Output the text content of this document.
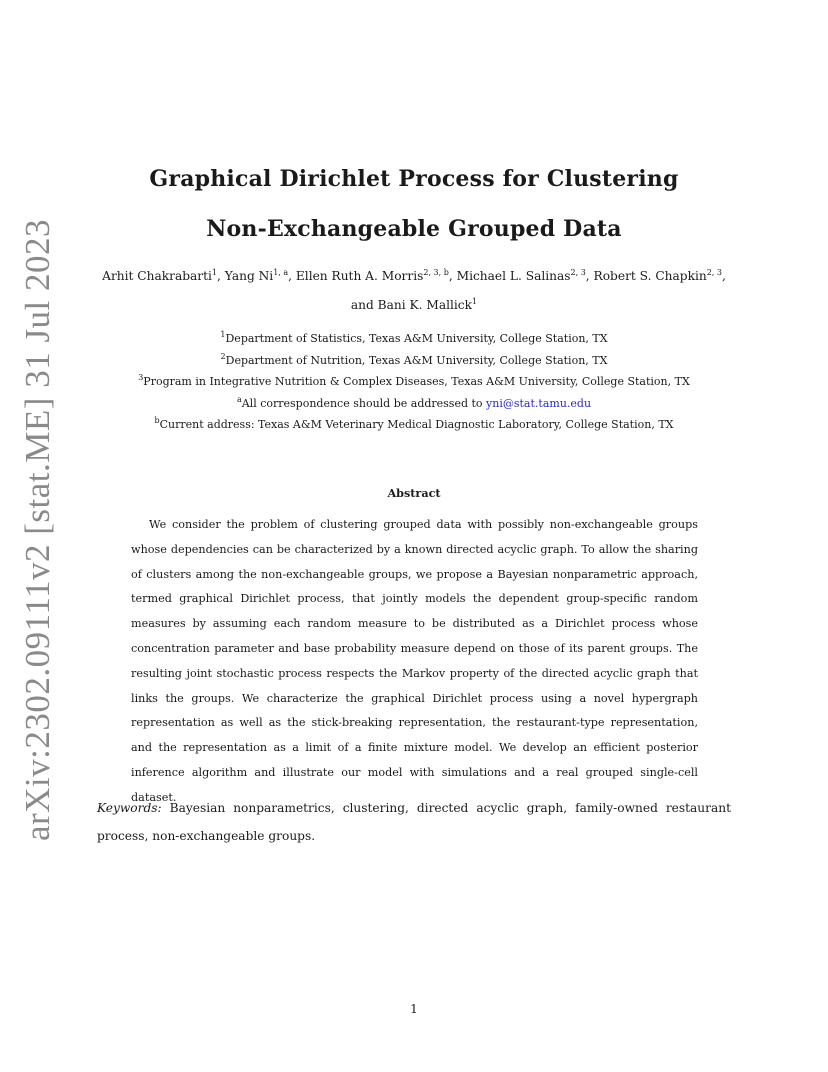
arXiv:2302.09111v2 [stat.ME] 31 Jul 2023
Graphical Dirichlet Process for Clustering
Non-Exchangeable Grouped Data
Arhit Chakrabarti$^1$, Yang Ni$^{1, a}$, Ellen Ruth A. Morris$^{2, 3, b}$, Michael L. Salinas$^{2, 3}$, Robert S. Chapkin$^{2, 3}$, and Bani K. Mallick$^1$
$^1$Department of Statistics, Texas A&M University, College Station, TX
$^2$Department of Nutrition, Texas A&M University, College Station, TX
$^3$Program in Integrative Nutrition & Complex Diseases, Texas A&M University, College Station, TX
$^a$All correspondence should be addressed to yni@stat.tamu.edu
$^b$Current address: Texas A&M Veterinary Medical Diagnostic Laboratory, College Station, TX
Abstract
We consider the problem of clustering grouped data with possibly non-exchangeable groups whose dependencies can be characterized by a known directed acyclic graph. To allow the sharing of clusters among the non-exchangeable groups, we propose a Bayesian nonparametric approach, termed graphical Dirichlet process, that jointly models the dependent group-specific random measures by assuming each random measure to be distributed as a Dirichlet process whose concentration parameter and base probability measure depend on those of its parent groups. The resulting joint stochastic process respects the Markov property of the directed acyclic graph that links the groups. We characterize the graphical Dirichlet process using a novel hypergraph representation as well as the stick-breaking representation, the restaurant-type representation, and the representation as a limit of a finite mixture model. We develop an efficient posterior inference algorithm and illustrate our model with simulations and a real grouped single-cell dataset.
Keywords: Bayesian nonparametrics, clustering, directed acyclic graph, family-owned restaurant process, non-exchangeable groups.
1
